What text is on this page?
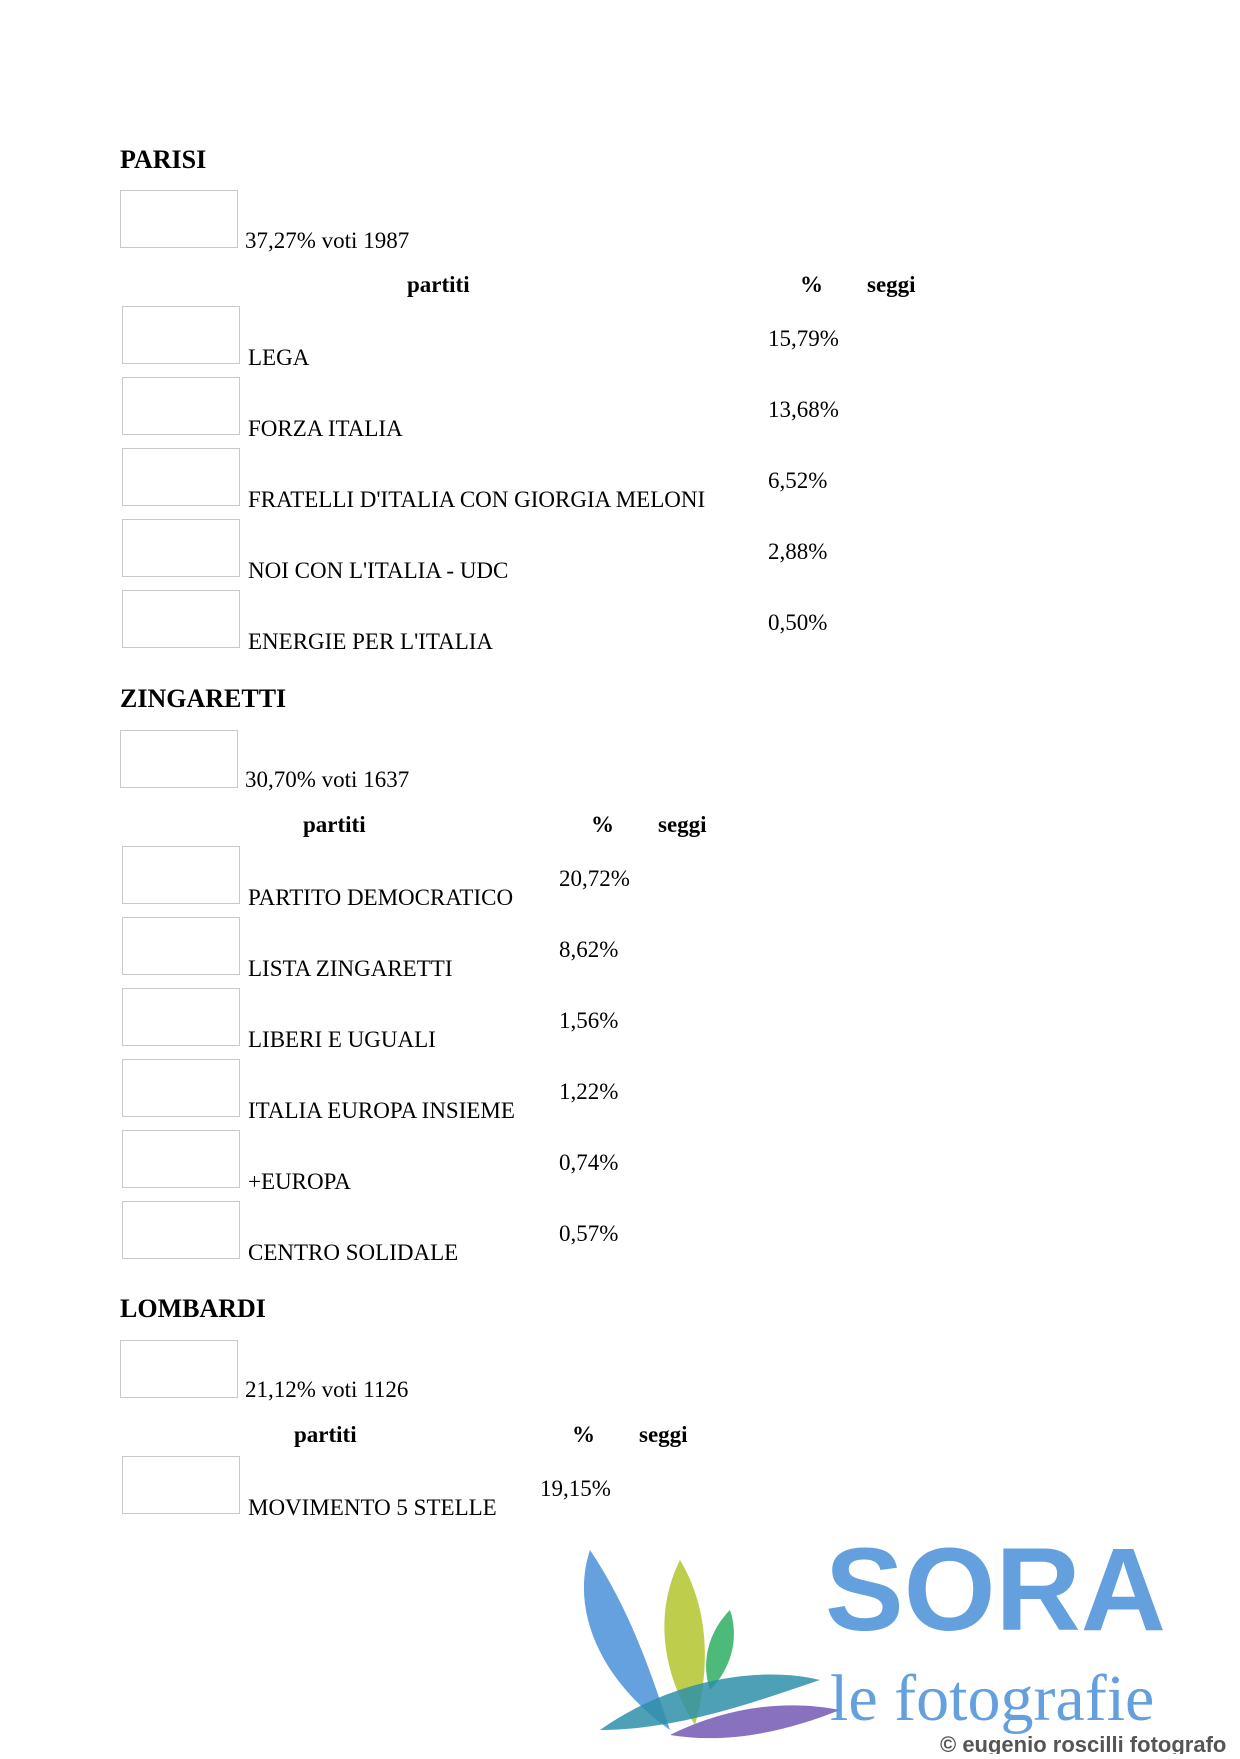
PARISI
37,27% voti 1987
partiti	% seggi
LEGA
15,79%
FORZA ITALIA
13,68%
FRATELLI D'ITALIA CON GIORGIA MELONI
6,52%
NOI CON L'ITALIA - UDC
2,88%
ENERGIE PER L'ITALIA
0,50%
ZINGARETTI
30,70% voti 1637
partiti	% seggi
PARTITO DEMOCRATICO
20,72%
LISTA ZINGARETTI
8,62%
LIBERI E UGUALI
1,56%
ITALIA EUROPA INSIEME
1,22%
+EUROPA
0,74%
CENTRO SOLIDALE
0,57%
LOMBARDI
21,12% voti 1126
partiti	% seggi
MOVIMENTO 5 STELLE
19,15%
SORA
le fotografie
© eugenio roscilli fotografo
